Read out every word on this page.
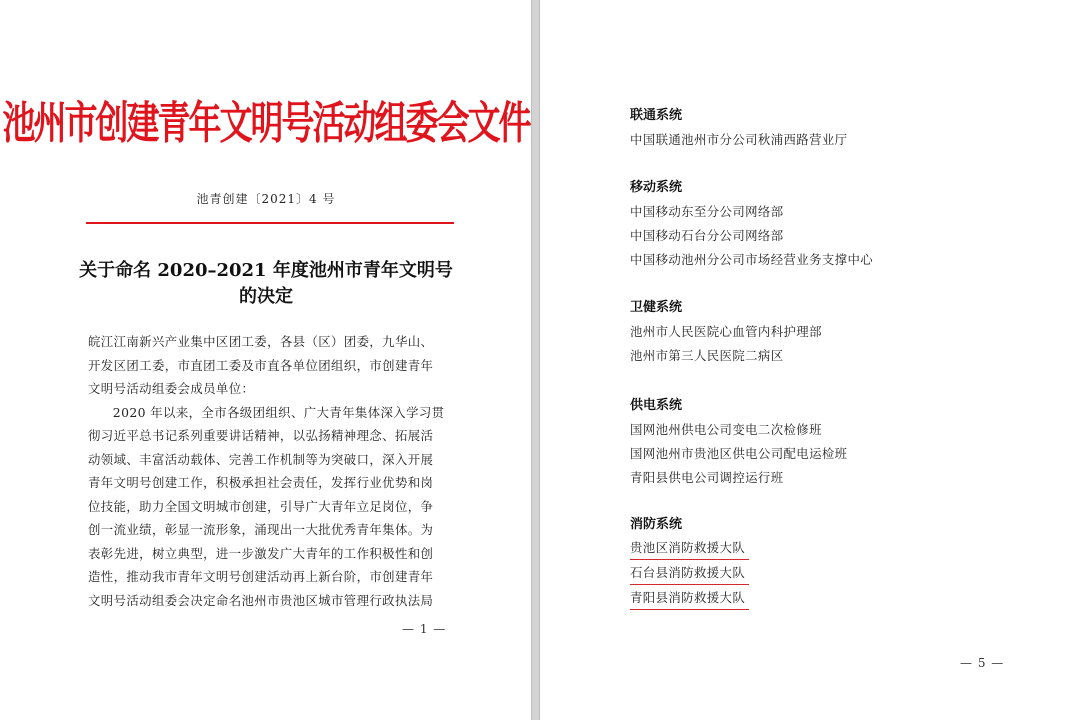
池州市创建青年文明号活动组委会文件
池青创建〔2021〕4 号
关于命名 2020–2021 年度池州市青年文明号
的决定

皖江江南新兴产业集中区团工委，各县（区）团委，九华山、

开发区团工委，市直团工委及市直各单位团组织，市创建青年

文明号活动组委会成员单位：

2020 年以来，全市各级团组织、广大青年集体深入学习贯

彻习近平总书记系列重要讲话精神，以弘扬精神理念、拓展活

动领域、丰富活动载体、完善工作机制等为突破口，深入开展

青年文明号创建工作，积极承担社会责任，发挥行业优势和岗

位技能，助力全国文明城市创建，引导广大青年立足岗位，争

创一流业绩，彰显一流形象，涌现出一大批优秀青年集体。为

表彰先进，树立典型，进一步激发广大青年的工作积极性和创

造性，推动我市青年文明号创建活动再上新台阶，市创建青年

文明号活动组委会决定命名池州市贵池区城市管理行政执法局

— 1 —
联通系统
中国联通池州市分公司秋浦西路营业厅
移动系统
中国移动东至分公司网络部
中国移动石台分公司网络部
中国移动池州分公司市场经营业务支撑中心
卫健系统
池州市人民医院心血管内科护理部
池州市第三人民医院二病区
供电系统
国网池州供电公司变电二次检修班
国网池州市贵池区供电公司配电运检班
青阳县供电公司调控运行班
消防系统
贵池区消防救援大队
石台县消防救援大队
青阳县消防救援大队
— 5 —
